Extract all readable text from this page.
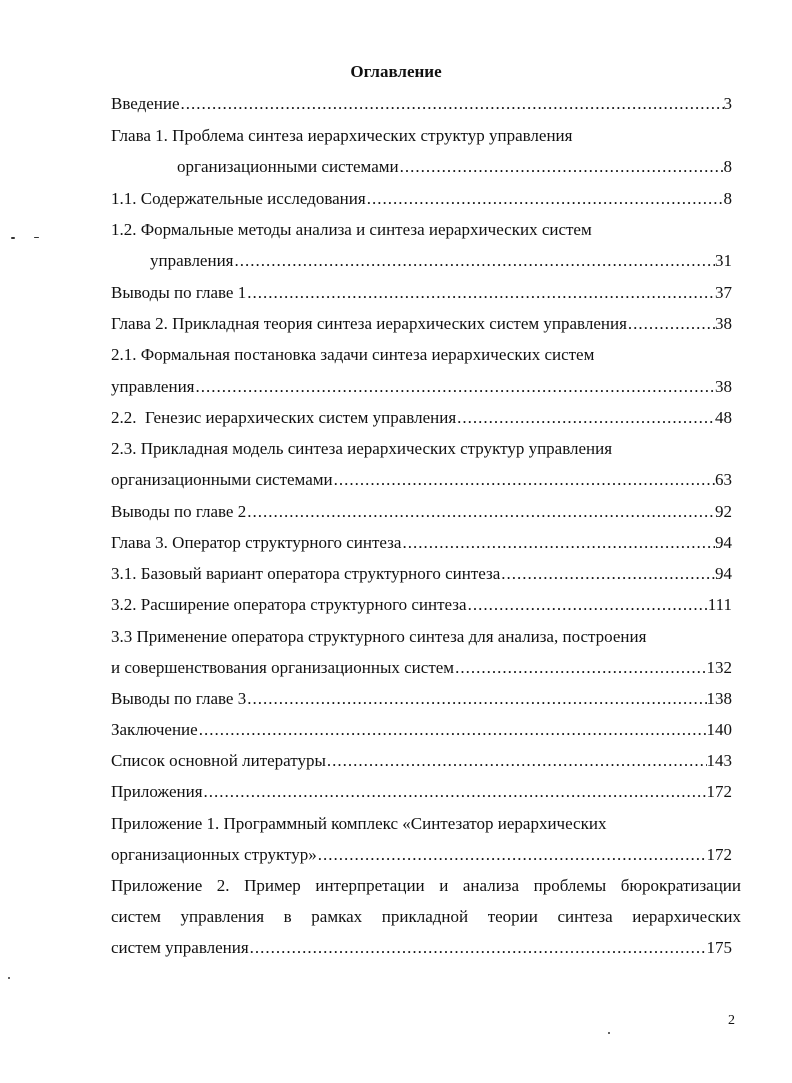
Оглавление
Введение .....	3
Глава 1. Проблема синтеза иерархических структур управления
организационными системами .....	8
1.1. Содержательные исследования .....	8
1.2. Формальные методы анализа и синтеза иерархических систем
управления .....	31
Выводы по главе 1 .....	37
Глава 2. Прикладная теория синтеза иерархических систем управления .....	38
2.1. Формальная постановка задачи синтеза иерархических систем
управления .....	38
2.2.  Генезис иерархических систем управления .....	48
2.3. Прикладная модель синтеза иерархических структур управления
организационными системами .....	63
Выводы по главе 2 .....	92
Глава 3. Оператор структурного синтеза .....	94
3.1. Базовый вариант оператора структурного синтеза .....	94
3.2. Расширение оператора структурного синтеза .....	111
3.3 Применение оператора структурного синтеза для анализа, построения
и совершенствования организационных систем .....	132
Выводы по главе 3 .....	138
Заключение .....	140
Список основной литературы .....	143
Приложения .....	172
Приложение 1. Программный комплекс «Синтезатор иерархических
организационных структур» .....	172
Приложение 2. Пример интерпретации и анализа проблемы бюрократизации
систем управления в рамках прикладной теории синтеза иерархических
систем управления .....	175
2
